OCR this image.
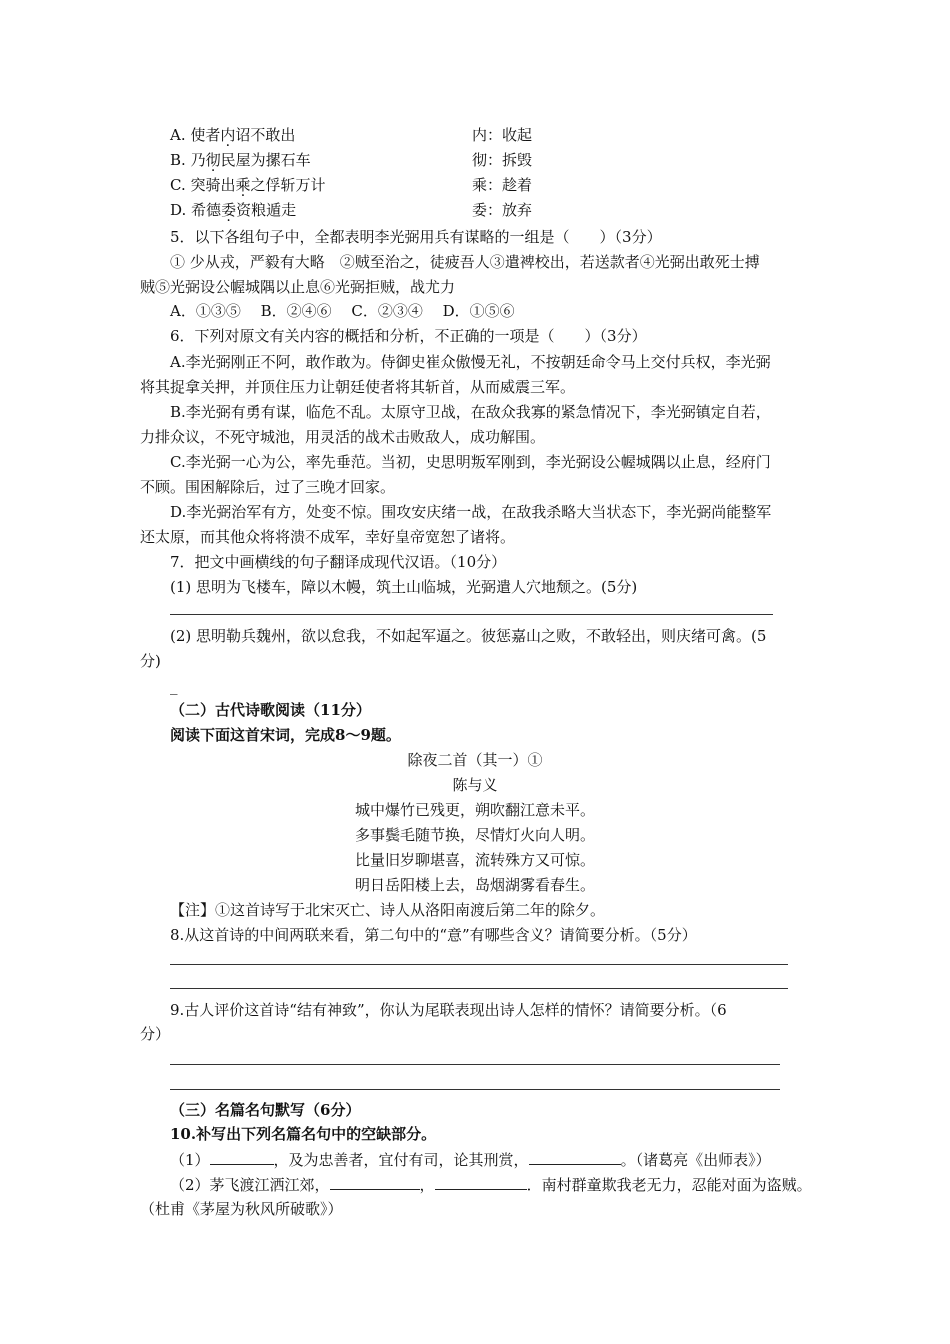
A. 使者内诏不敢出	内：收起
B. 乃彻民屋为摞石车	彻：拆毁
C. 突骑出乘之俘斩万计	乘：趁着
D. 希德委资粮遁走	委：放弃
5．以下各组句子中，全都表明李光弼用兵有谋略的一组是（　　）（3分）
① 少从戎，严毅有大略　②贼至治之，徒疲吾人③遣裨校出，若送款者④光弼出敢死士搏
贼⑤光弼设公幄城隅以止息⑥光弼拒贼，战尤力
A．①③⑤　 B．②④⑥　 C．②③④　 D．①⑤⑥
6．下列对原文有关内容的概括和分析，不正确的一项是（　　）（3分）
A.李光弼刚正不阿，敢作敢为。侍御史崔众傲慢无礼，不按朝廷命令马上交付兵权，李光弼
将其捉拿关押，并顶住压力让朝廷使者将其斩首，从而威震三军。
B.李光弼有勇有谋，临危不乱。太原守卫战，在敌众我寡的紧急情况下，李光弼镇定自若，
力排众议，不死守城池，用灵活的战术击败敌人，成功解围。
C.李光弼一心为公，率先垂范。当初，史思明叛军刚到，李光弼设公幄城隅以止息，经府门
不顾。围困解除后，过了三晚才回家。
D.李光弼治军有方，处变不惊。围攻安庆绪一战，在敌我杀略大当状态下，李光弼尚能整军
还太原，而其他众将将溃不成军，幸好皇帝宽恕了诸将。
7．把文中画横线的句子翻译成现代汉语。（10分）
(1) 思明为飞楼车，障以木幔，筑土山临城，光弼遣人穴地颓之。(5分)
(2) 思明勒兵魏州，欲以怠我，不如起军逼之。彼惩嘉山之败，不敢轻出，则庆绪可禽。(5
分)
_
（二）古代诗歌阅读（11分）
阅读下面这首宋词，完成8～9题。
除夜二首（其一）①
陈与义
城中爆竹已残更，朔吹翻江意未平。
多事鬓毛随节换，尽情灯火向人明。
比量旧岁聊堪喜，流转殊方又可惊。
明日岳阳楼上去，岛烟湖雾看春生。
【注】①这首诗写于北宋灭亡、诗人从洛阳南渡后第二年的除夕。
8.从这首诗的中间两联来看，第二句中的“意”有哪些含义？请简要分析。（5分）
9.古人评价这首诗“结有神致”，你认为尾联表现出诗人怎样的情怀？请简要分析。（6
分）
（三）名篇名句默写（6分）
10.补写出下列名篇名句中的空缺部分。
（1）	，及为忠善者，宜付有司，论其刑赏，	。（诸葛亮《出师表》）
（2）茅飞渡江洒江郊，	，	．南村群童欺我老无力，忍能对面为盗贼。
（杜甫《茅屋为秋风所破歌》）
